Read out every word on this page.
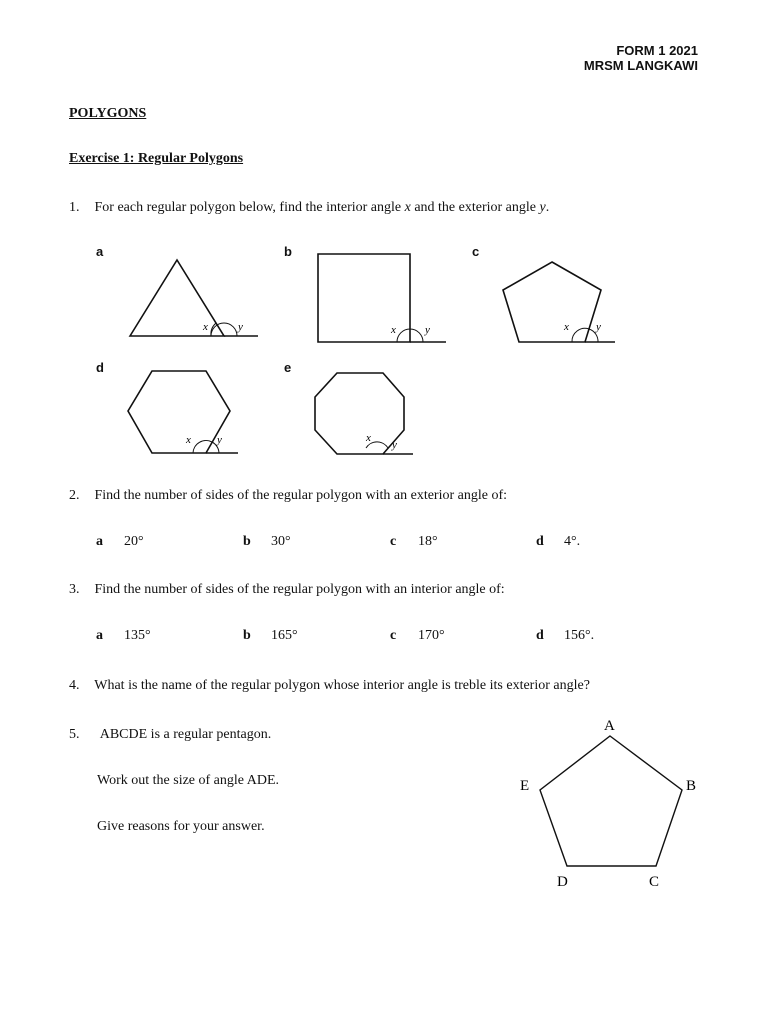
FORM 1 2021
MRSM LANGKAWI
POLYGONS
Exercise 1: Regular Polygons
1. For each regular polygon below, find the interior angle x and the exterior angle y.
a	b	c
d	e
x	y	x	y	x y
x y	x
y
2. Find the number of sides of the regular polygon with an exterior angle of:
a 20°	b 30°	c 18°	d 4°.
3. Find the number of sides of the regular polygon with an interior angle of:
a 135°	b 165°	c 170°	d 156°.
4. What is the name of the regular polygon whose interior angle is treble its exterior angle?
5. ABCDE is a regular pentagon.
Work out the size of angle ADE.
Give reasons for your answer.
A
B
C
D
E
